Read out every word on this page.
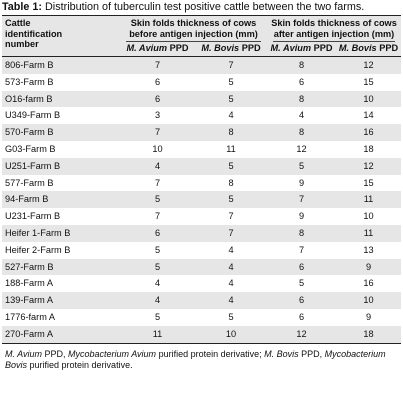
Table 1: Distribution of tuberculin test positive cattle between the two farms.

Cattle
identification
number	Skin folds thickness of cows
before antigen injection (mm)		Skin folds thickness of cows
after antigen injection (mm)	

	M. Avium PPD	M. Bovis PPD	M. Avium PPD	M. Bovis PPD

806-Farm B	7	7	8	12
573-Farm B	6	5	6	15
O16-farm B	6	5	8	10
U349-Farm B	3	4	4	14
570-Farm B	7	8	8	16
G03-Farm B	10	11	12	18
U251-Farm B	4	5	5	12
577-Farm B	7	8	9	15
94-Farm B	5	5	7	11
U231-Farm B	7	7	9	10
Heifer 1-Farm B	6	7	8	11
Heifer 2-Farm B	5	4	7	13
527-Farm B	5	4	6	9
188-Farm A	4	4	5	16
139-Farm A	4	4	6	10
1776-farm A	5	5	6	9
270-Farm A	11	10	12	18

M. Avium PPD, Mycobacterium Avium purified protein derivative; M. Bovis PPD, Mycobacterium
Bovis purified protein derivative.
